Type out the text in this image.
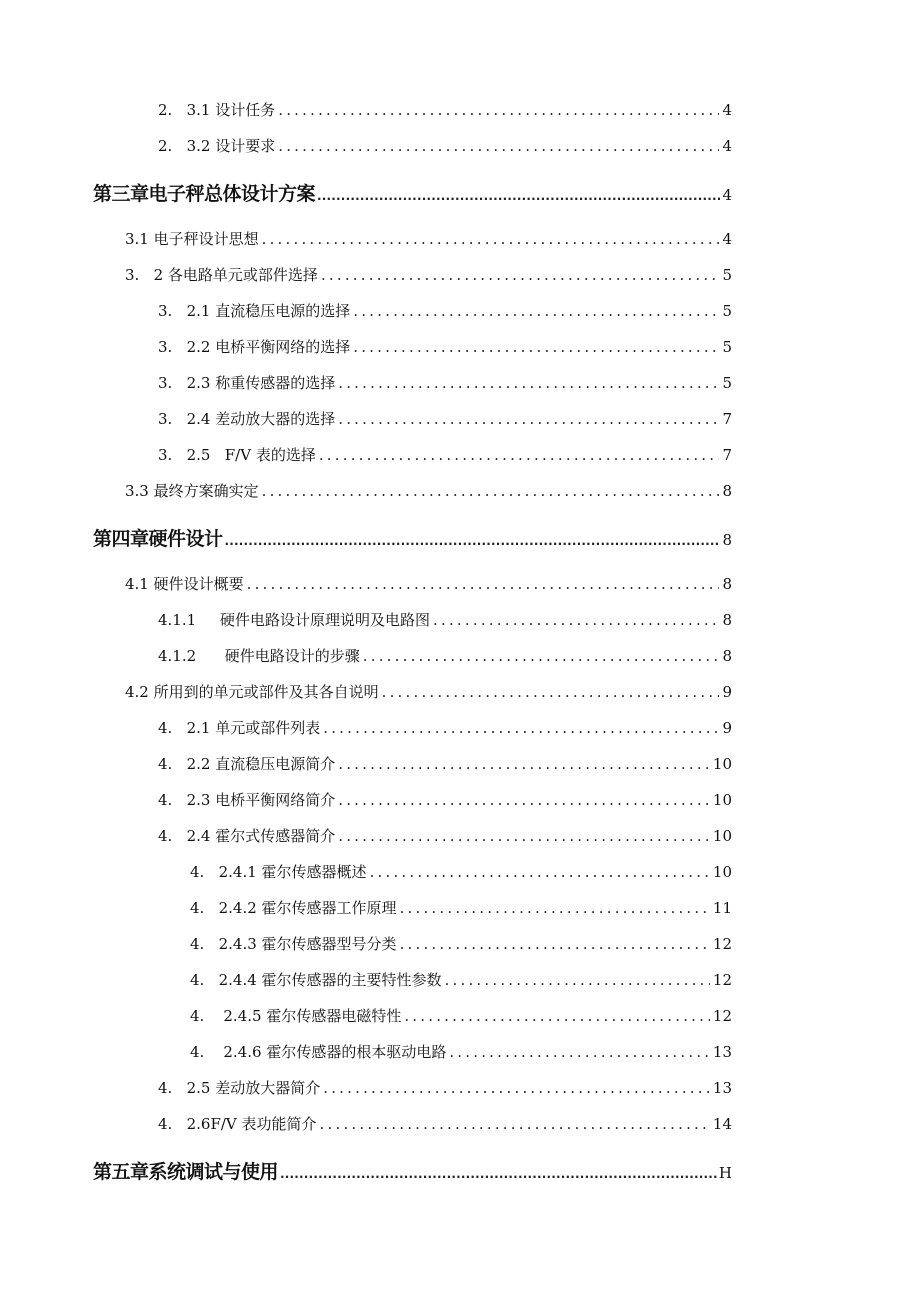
2.   3.1 设计任务 .....	4
2.   3.2 设计要求 .....	4
第三章电子秤总体设计方案 .....	4
3.1 电子秤设计思想 .....	4
3.   2 各电路单元或部件选择 .....	5
3.   2.1 直流稳压电源的选择 .....	5
3.   2.2 电桥平衡网络的选择 .....	5
3.   2.3 称重传感器的选择 .....	5
3.   2.4 差动放大器的选择 .....	7
3.   2.5   F/V 表的选择 .....	7
3.3 最终方案确实定 .....	8
第四章硬件设计 .....	8
4.1 硬件设计概要 .....	8
4.1.1     硬件电路设计原理说明及电路图 .....	8
4.1.2      硬件电路设计的步骤 .....	8
4.2 所用到的单元或部件及其各自说明 .....	9
4.   2.1 单元或部件列表 .....	9
4.   2.2 直流稳压电源简介 .....	10
4.   2.3 电桥平衡网络简介 .....	10
4.   2.4 霍尔式传感器简介 .....	10
4.   2.4.1 霍尔传感器概述 .....	10
4.   2.4.2 霍尔传感器工作原理 .....	11
4.   2.4.3 霍尔传感器型号分类 .....	12
4.   2.4.4 霍尔传感器的主要特性参数 .....	12
4.    2.4.5 霍尔传感器电磁特性 .....	12
4.    2.4.6 霍尔传感器的根本驱动电路 .....	13
4.   2.5 差动放大器简介 .....	13
4.   2.6F/V 表功能简介 .....	14
第五章系统调试与使用 .....	H
